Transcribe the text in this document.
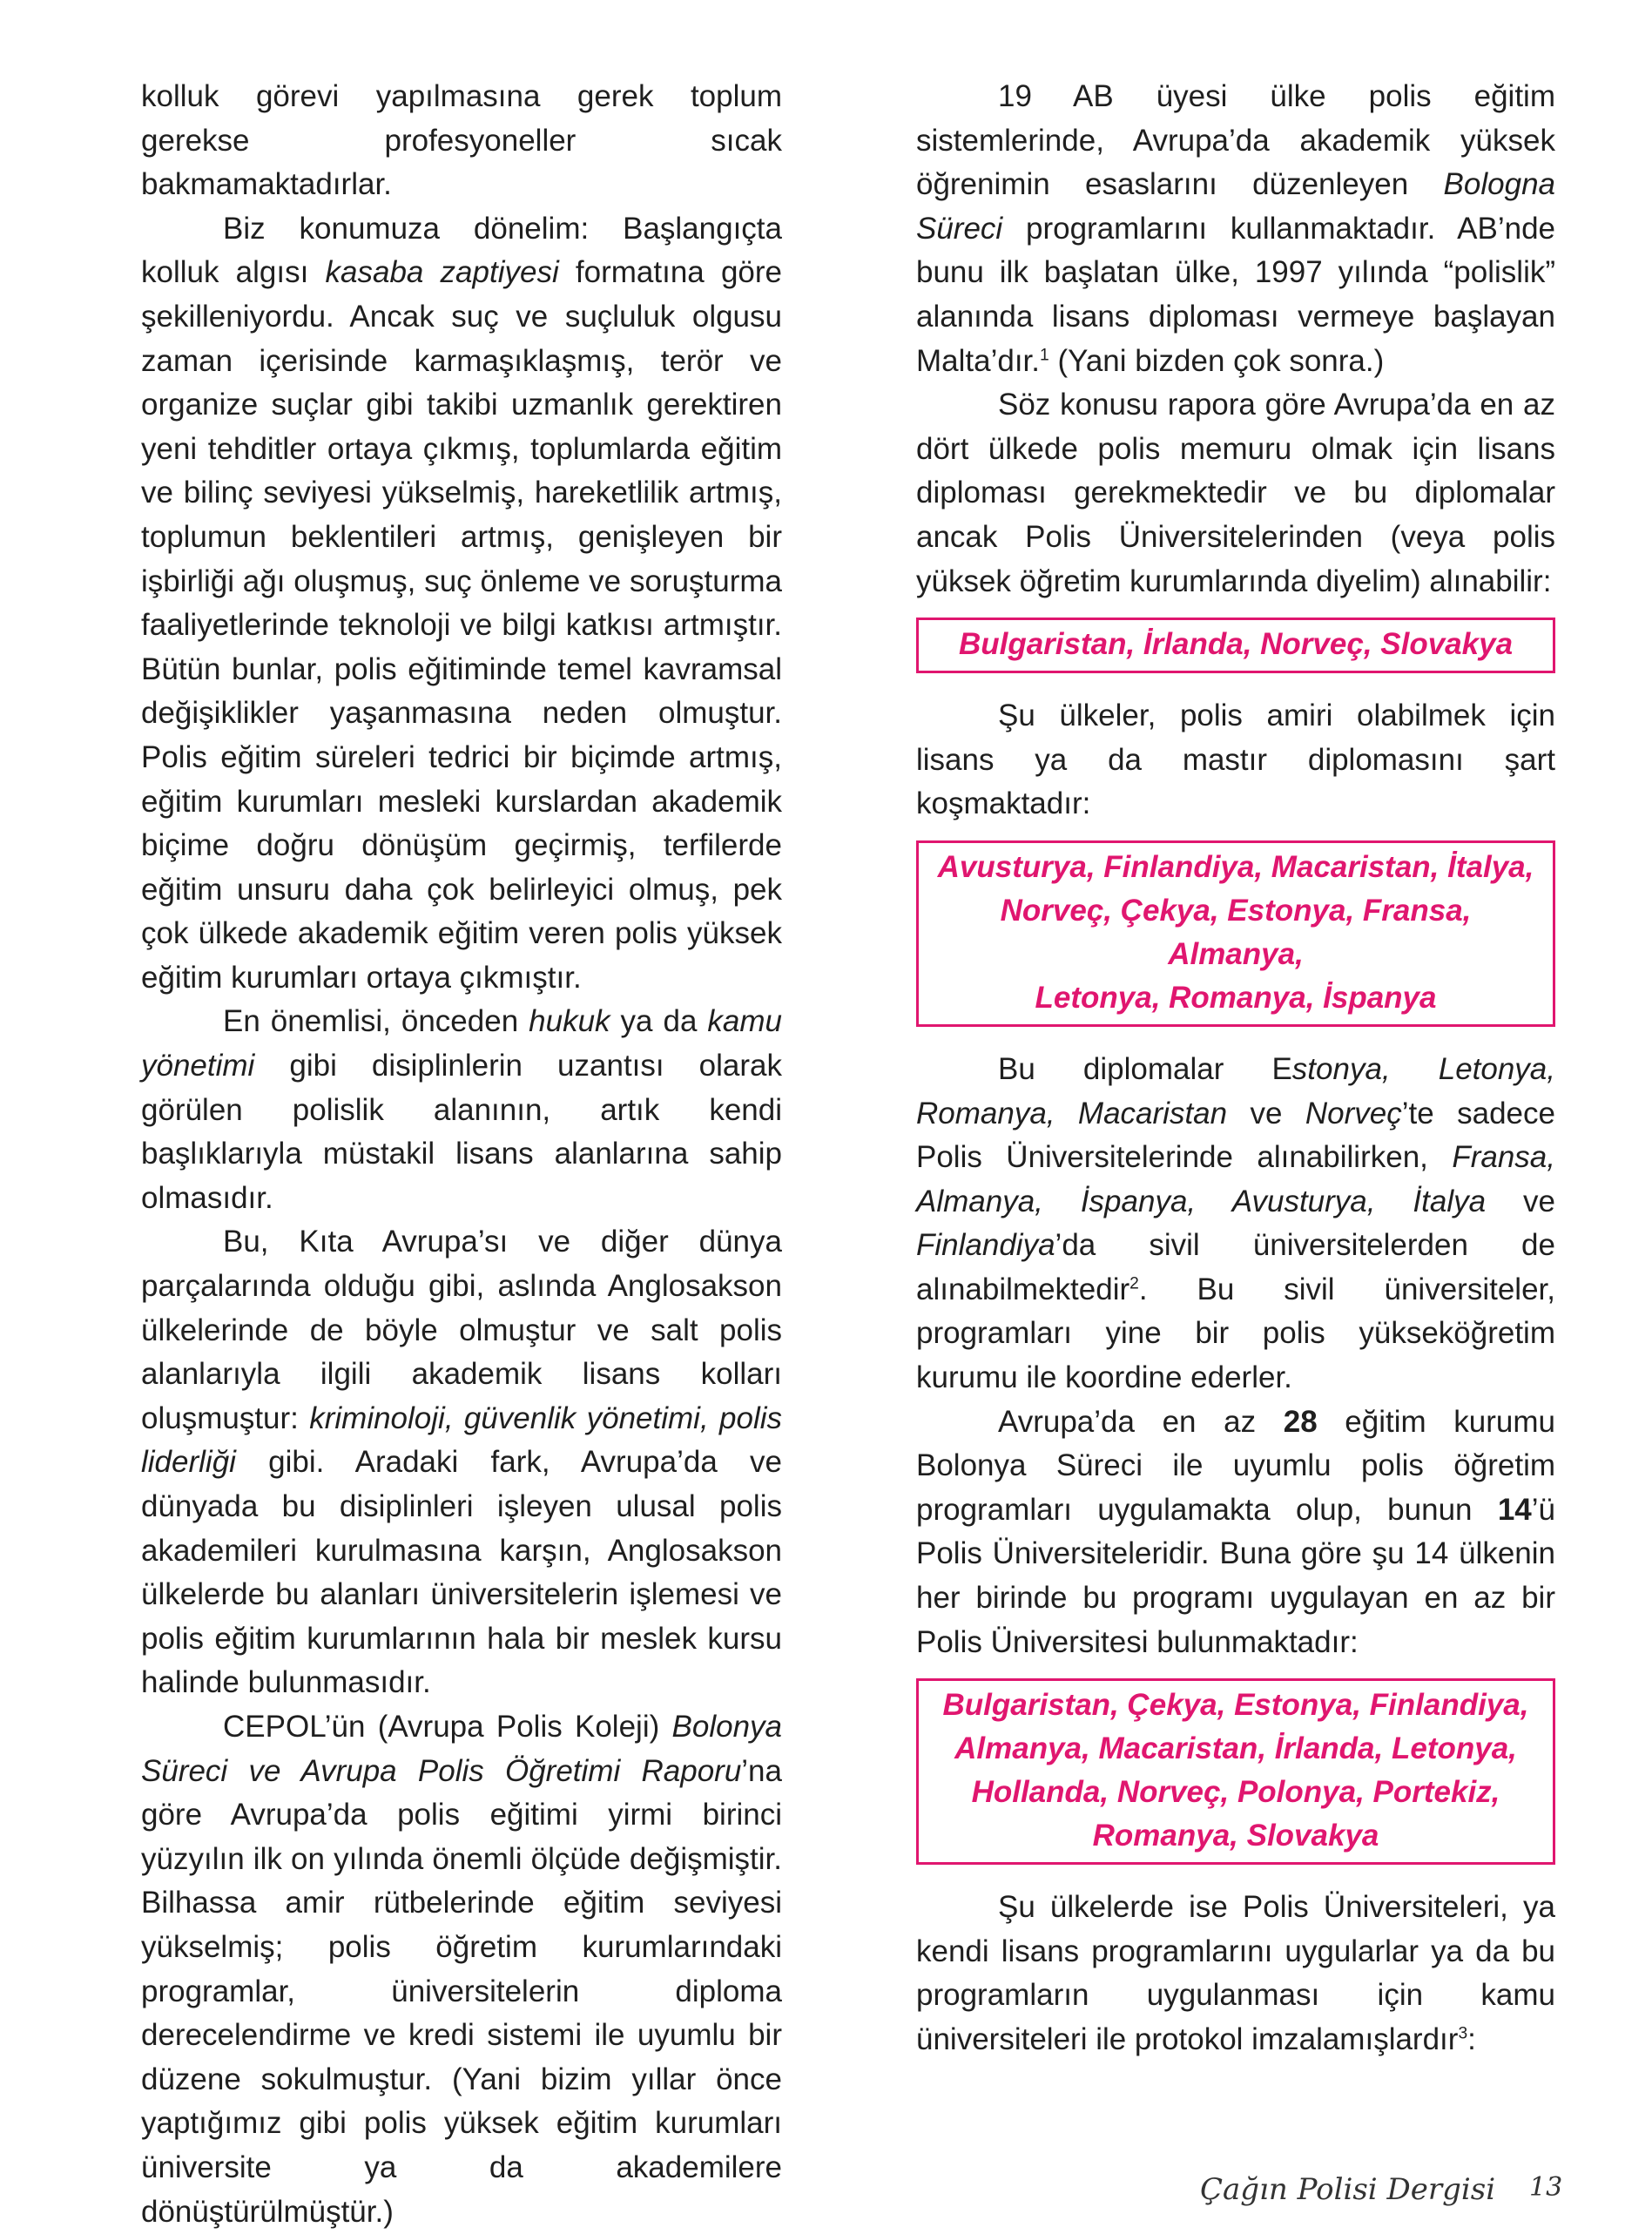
kolluk görevi yapılmasına gerek toplum gerekse profesyoneller sıcak bakmamaktadırlar.

Biz konumuza dönelim: Başlangıçta kolluk algısı kasaba zaptiyesi formatına göre şekilleniyordu. Ancak suç ve suçluluk olgusu zaman içerisinde karmaşıklaşmış, terör ve organize suçlar gibi takibi uzmanlık gerektiren yeni tehditler ortaya çıkmış, toplumlarda eğitim ve bilinç seviyesi yükselmiş, hareketlilik artmış, toplumun beklentileri artmış, genişleyen bir işbirliği ağı oluşmuş, suç önleme ve soruşturma faaliyetlerinde teknoloji ve bilgi katkısı artmıştır. Bütün bunlar, polis eğitiminde temel kavramsal değişiklikler yaşanmasına neden olmuştur. Polis eğitim süreleri tedrici bir biçimde artmış, eğitim kurumları mesleki kurslardan akademik biçime doğru dönüşüm geçirmiş, terfilerde eğitim unsuru daha çok belirleyici olmuş, pek çok ülkede akademik eğitim veren polis yüksek eğitim kurumları ortaya çıkmıştır.

En önemlisi, önceden hukuk ya da kamu yönetimi gibi disiplinlerin uzantısı olarak görülen polislik alanının, artık kendi başlıklarıyla müstakil lisans alanlarına sahip olmasıdır.

Bu, Kıta Avrupa’sı ve diğer dünya parçalarında olduğu gibi, aslında Anglosakson ülkelerinde de böyle olmuştur ve salt polis alanlarıyla ilgili akademik lisans kolları oluşmuştur: kriminoloji, güvenlik yönetimi, polis liderliği gibi. Aradaki fark, Avrupa’da ve dünyada bu disiplinleri işleyen ulusal polis akademileri kurulmasına karşın, Anglosakson ülkelerde bu alanları üniversitelerin işlemesi ve polis eğitim kurumlarının hala bir meslek kursu halinde bulunmasıdır.

CEPOL’ün (Avrupa Polis Koleji) Bolonya Süreci ve Avrupa Polis Öğretimi Raporu’na göre Avrupa’da polis eğitimi yirmi birinci yüzyılın ilk on yılında önemli ölçüde değişmiştir. Bilhassa amir rütbelerinde eğitim seviyesi yükselmiş; polis öğretim kurumlarındaki programlar, üniversitelerin diploma derecelendirme ve kredi sistemi ile uyumlu bir düzene sokulmuştur. (Yani bizim yıllar önce yaptığımız gibi polis yüksek eğitim kurumları üniversite ya da akademilere dönüştürülmüştür.)

19 AB üyesi ülke polis eğitim sistemlerinde, Avrupa’da akademik yüksek öğrenimin esaslarını düzenleyen Bologna Süreci programlarını kullanmaktadır. AB’nde bunu ilk başlatan ülke, 1997 yılında “polislik” alanında lisans diploması vermeye başlayan Malta’dır.$^1$ (Yani bizden çok sonra.)

Söz konusu rapora göre Avrupa’da en az dört ülkede polis memuru olmak için lisans diploması gerekmektedir ve bu diplomalar ancak Polis Üniversitelerinden (veya polis yüksek öğretim kurumlarında diyelim) alınabilir:

Bulgaristan, İrlanda, Norveç, Slovakya

Şu ülkeler, polis amiri olabilmek için lisans ya da mastır diplomasını şart koşmaktadır:

Avusturya, Finlandiya, Macaristan, İtalya,
Norveç, Çekya, Estonya, Fransa, Almanya,
Letonya, Romanya, İspanya

Bu diplomalar Estonya, Letonya, Romanya, Macaristan ve Norveç’te sadece Polis Üniversitelerinde alınabilirken, Fransa, Almanya, İspanya, Avusturya, İtalya ve Finlandiya’da sivil üniversitelerden de alınabilmektedir$^2$. Bu sivil üniversiteler, programları yine bir polis yükseköğretim kurumu ile koordine ederler.

Avrupa’da en az 28 eğitim kurumu Bolonya Süreci ile uyumlu polis öğretim programları uygulamakta olup, bunun 14’ü Polis Üniversiteleridir. Buna göre şu 14 ülkenin her birinde bu programı uygulayan en az bir Polis Üniversitesi bulunmaktadır:

Bulgaristan, Çekya, Estonya, Finlandiya,
Almanya, Macaristan, İrlanda, Letonya,
Hollanda, Norveç, Polonya, Portekiz,
Romanya, Slovakya

Şu ülkelerde ise Polis Üniversiteleri, ya kendi lisans programlarını uygularlar ya da bu programların uygulanması için kamu üniversiteleri ile protokol imzalamışlardır$^3$:

Çağın Polisi Dergisi 13
